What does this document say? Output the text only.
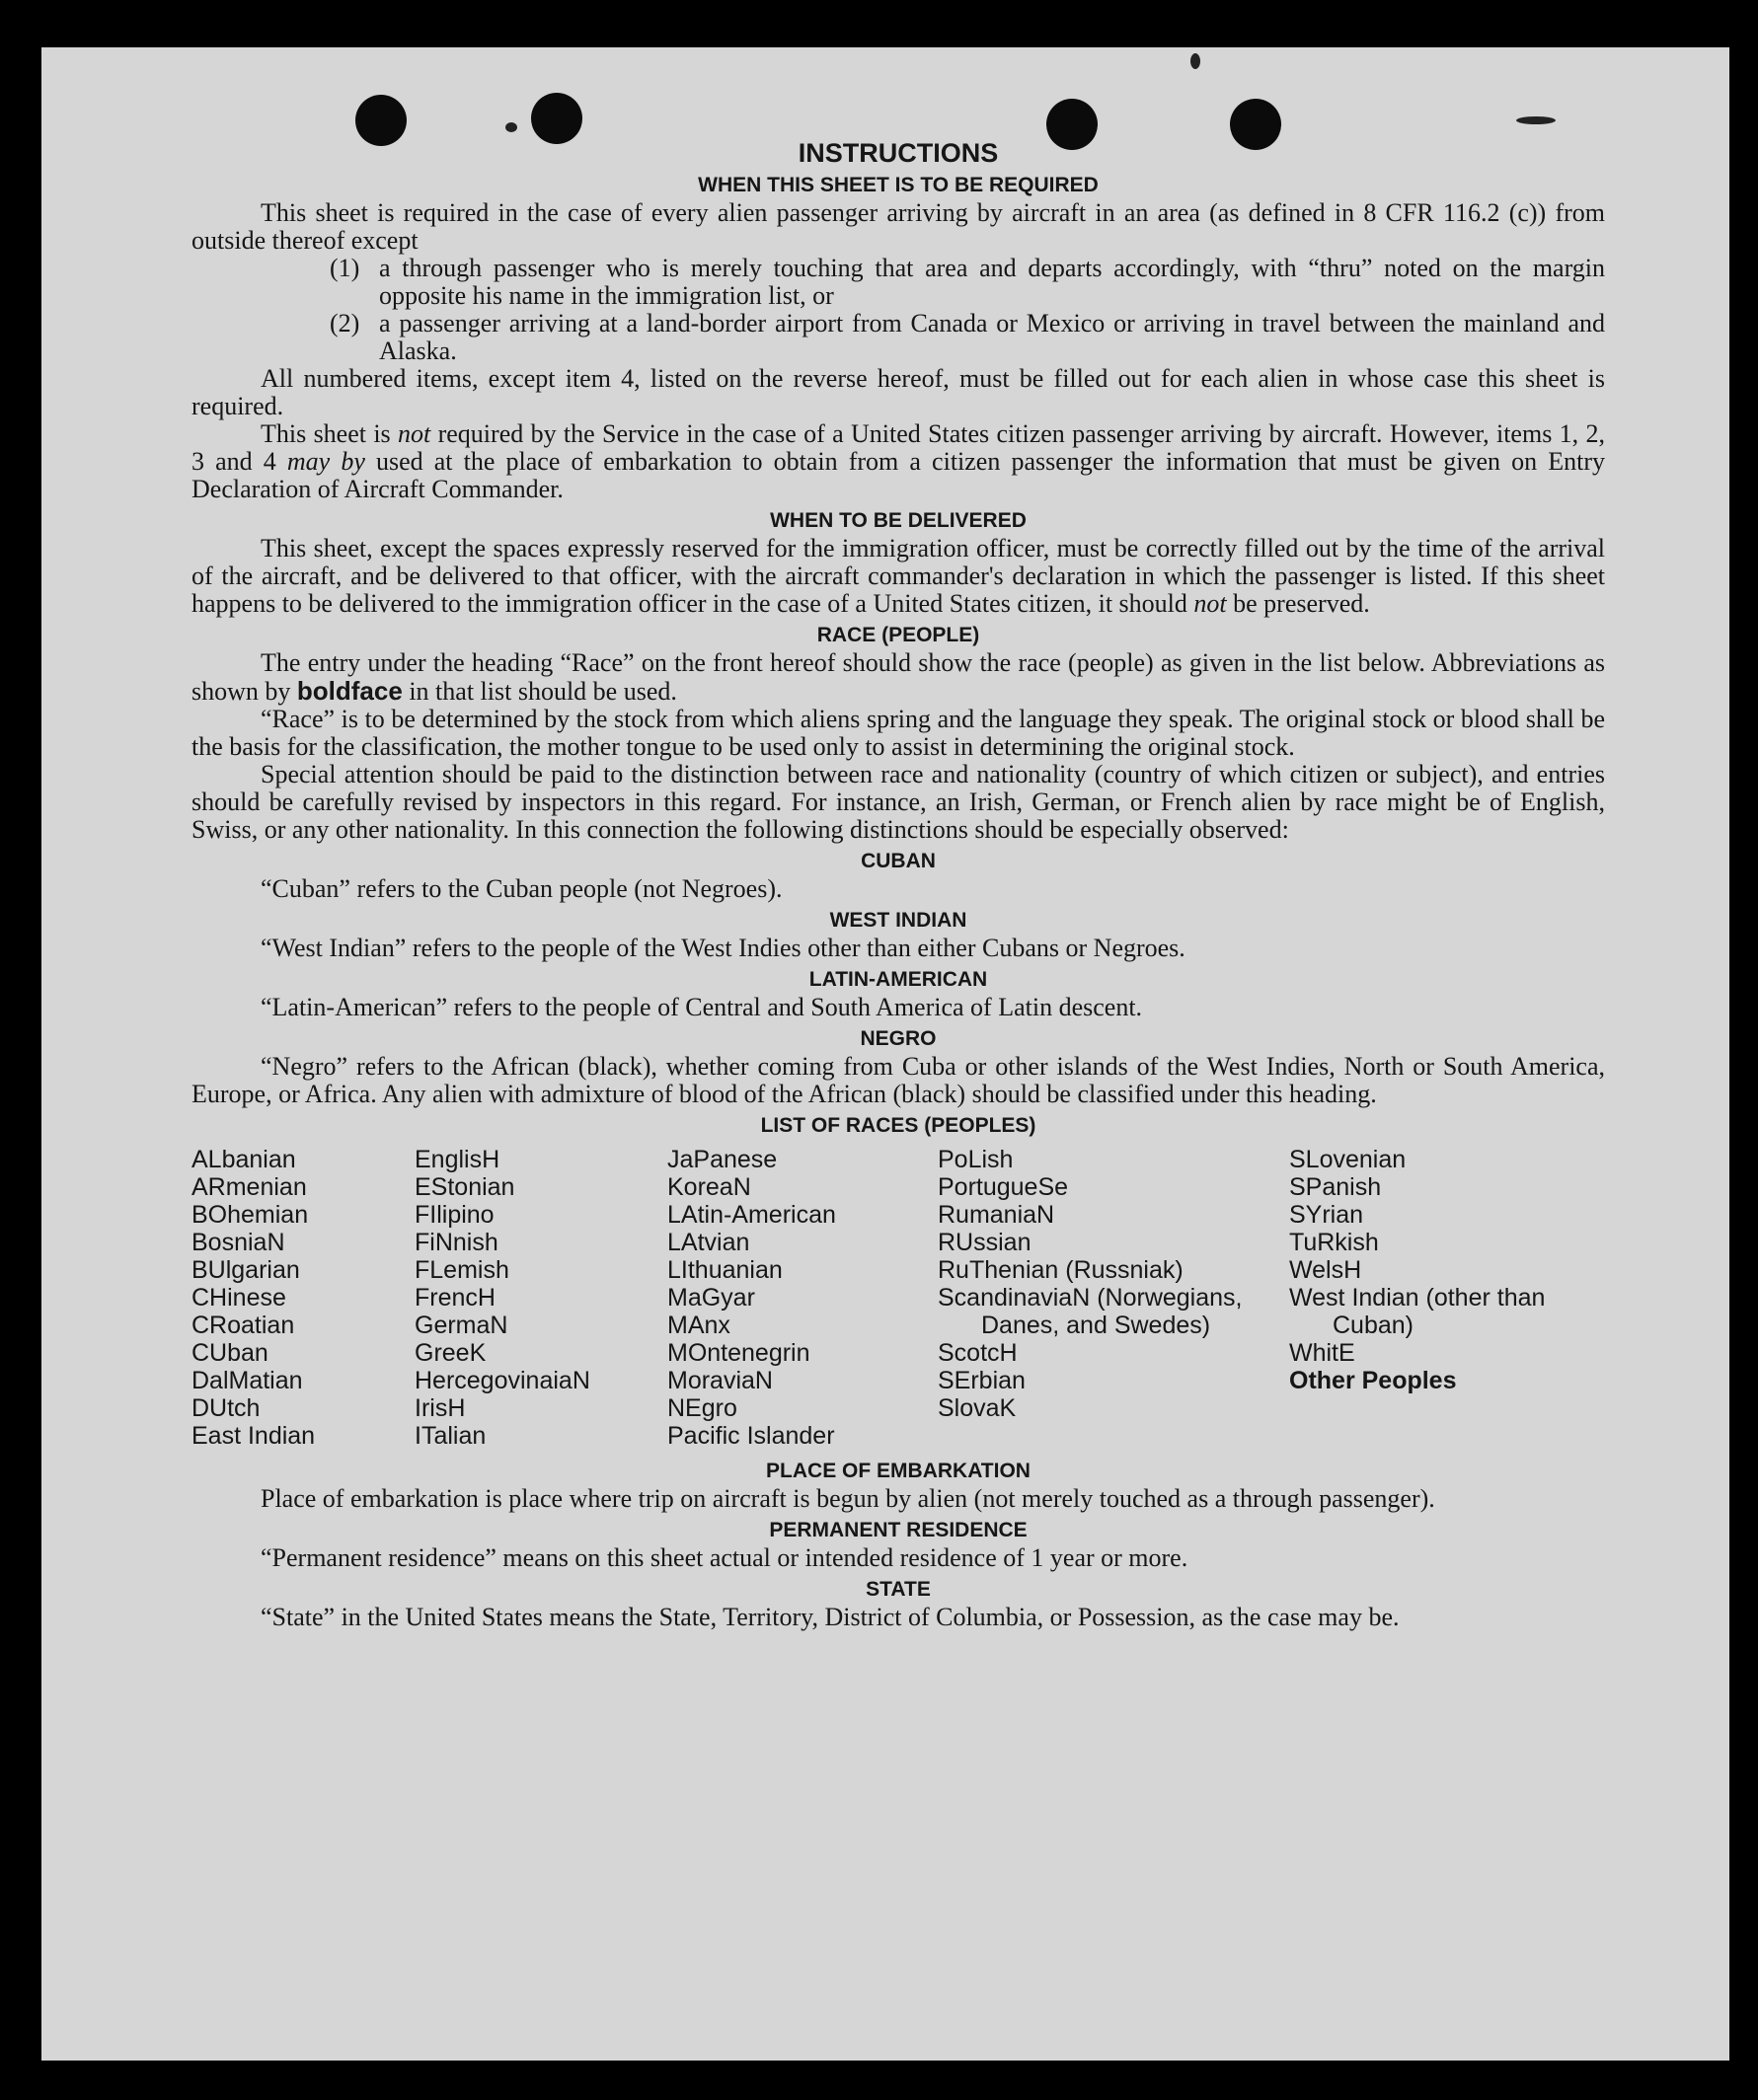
INSTRUCTIONS
WHEN THIS SHEET IS TO BE REQUIRED

This sheet is required in the case of every alien passenger arriving by aircraft in an area (as defined in 8 CFR 116.2 (c)) from outside thereof except

(1) a through passenger who is merely touching that area and departs accordingly, with “thru” noted on the margin opposite his name in the immigration list, or
(2) a passenger arriving at a land-border airport from Canada or Mexico or arriving in travel between the mainland and Alaska.

All numbered items, except item 4, listed on the reverse hereof, must be filled out for each alien in whose case this sheet is required.

This sheet is not required by the Service in the case of a United States citizen passenger arriving by aircraft. However, items 1, 2, 3 and 4 may by used at the place of embarkation to obtain from a citizen passenger the information that must be given on Entry Declaration of Aircraft Commander.

WHEN TO BE DELIVERED

This sheet, except the spaces expressly reserved for the immigration officer, must be correctly filled out by the time of the arrival of the aircraft, and be delivered to that officer, with the aircraft commander's declaration in which the passenger is listed. If this sheet happens to be delivered to the immigration officer in the case of a United States citizen, it should not be preserved.

RACE (PEOPLE)

The entry under the heading “Race” on the front hereof should show the race (people) as given in the list below. Abbreviations as shown by boldface in that list should be used.

“Race” is to be determined by the stock from which aliens spring and the language they speak. The original stock or blood shall be the basis for the classification, the mother tongue to be used only to assist in determining the original stock.

Special attention should be paid to the distinction between race and nationality (country of which citizen or subject), and entries should be carefully revised by inspectors in this regard. For instance, an Irish, German, or French alien by race might be of English, Swiss, or any other nationality. In this connection the following distinctions should be especially observed:

CUBAN

“Cuban” refers to the Cuban people (not Negroes).

WEST INDIAN

“West Indian” refers to the people of the West Indies other than either Cubans or Negroes.

LATIN-AMERICAN

“Latin-American” refers to the people of Central and South America of Latin descent.

NEGRO

“Negro” refers to the African (black), whether coming from Cuba or other islands of the West Indies, North or South America, Europe, or Africa. Any alien with admixture of blood of the African (black) should be classified under this heading.

LIST OF RACES (PEOPLES)
ALbanian
ARmenian
BOhemian
BosniaN
BUlgarian
CHinese
CRoatian
CUban
DalMatian
DUtch
East Indian
EnglisH
EStonian
FIlipino
FiNnish
FLemish
FrencH
GermaN
GreeK
HercegovinaiaN
IrisH
ITalian
JaPanese
KoreaN
LAtin-American
LAtvian
LIthuanian
MaGyar
MAnx
MOntenegrin
MoraviaN
NEgro
Pacific Islander
PoLish
PortugueSe
RumaniaN
RUssian
RuThenian (Russniak)
ScandinaviaN (Norwegians, Danes, and Swedes)
ScotcH
SErbian
SlovaK
SLovenian
SPanish
SYrian
TuRkish
WelsH
West Indian (other than Cuban)
WhitE
Other Peoples
PLACE OF EMBARKATION

Place of embarkation is place where trip on aircraft is begun by alien (not merely touched as a through passenger).

PERMANENT RESIDENCE

“Permanent residence” means on this sheet actual or intended residence of 1 year or more.

STATE

“State” in the United States means the State, Territory, District of Columbia, or Possession, as the case may be.
